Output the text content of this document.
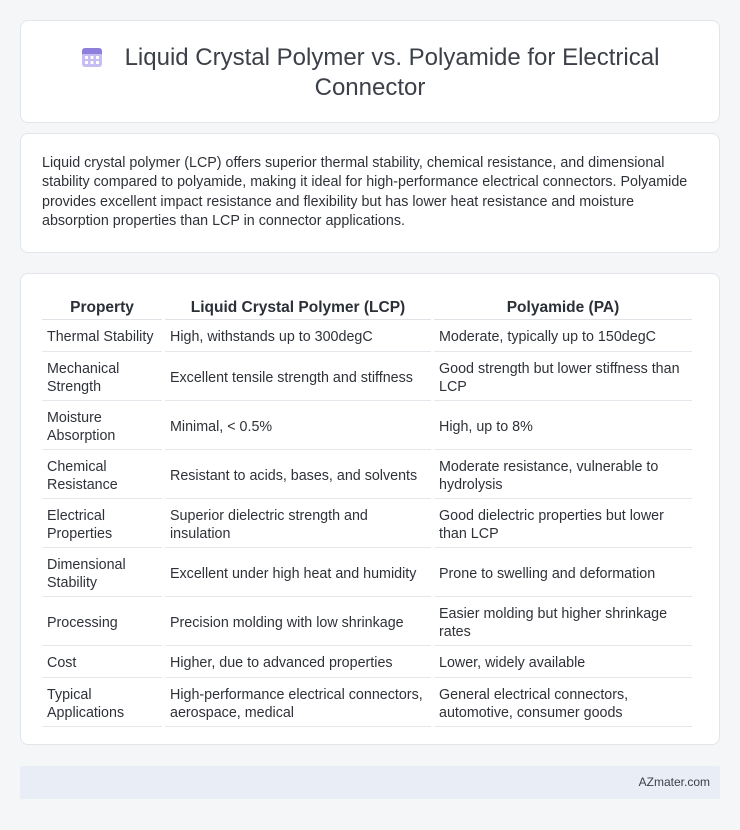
Liquid Crystal Polymer vs. Polyamide for Electrical Connector

Liquid crystal polymer (LCP) offers superior thermal stability, chemical resistance, and dimensional stability compared to polyamide, making it ideal for high-performance electrical connectors. Polyamide provides excellent impact resistance and flexibility but has lower heat resistance and moisture absorption properties than LCP in connector applications.

Property	Liquid Crystal Polymer (LCP)	Polyamide (PA)
Thermal Stability	High, withstands up to 300degC	Moderate, typically up to 150degC
Mechanical Strength	Excellent tensile strength and stiffness	Good strength but lower stiffness than LCP
Moisture Absorption	Minimal, < 0.5%	High, up to 8%
Chemical Resistance	Resistant to acids, bases, and solvents	Moderate resistance, vulnerable to hydrolysis
Electrical Properties	Superior dielectric strength and insulation	Good dielectric properties but lower than LCP
Dimensional Stability	Excellent under high heat and humidity	Prone to swelling and deformation
Processing	Precision molding with low shrinkage	Easier molding but higher shrinkage rates
Cost	Higher, due to advanced properties	Lower, widely available
Typical Applications	High-performance electrical connectors, aerospace, medical	General electrical connectors, automotive, consumer goods
AZmater.com
